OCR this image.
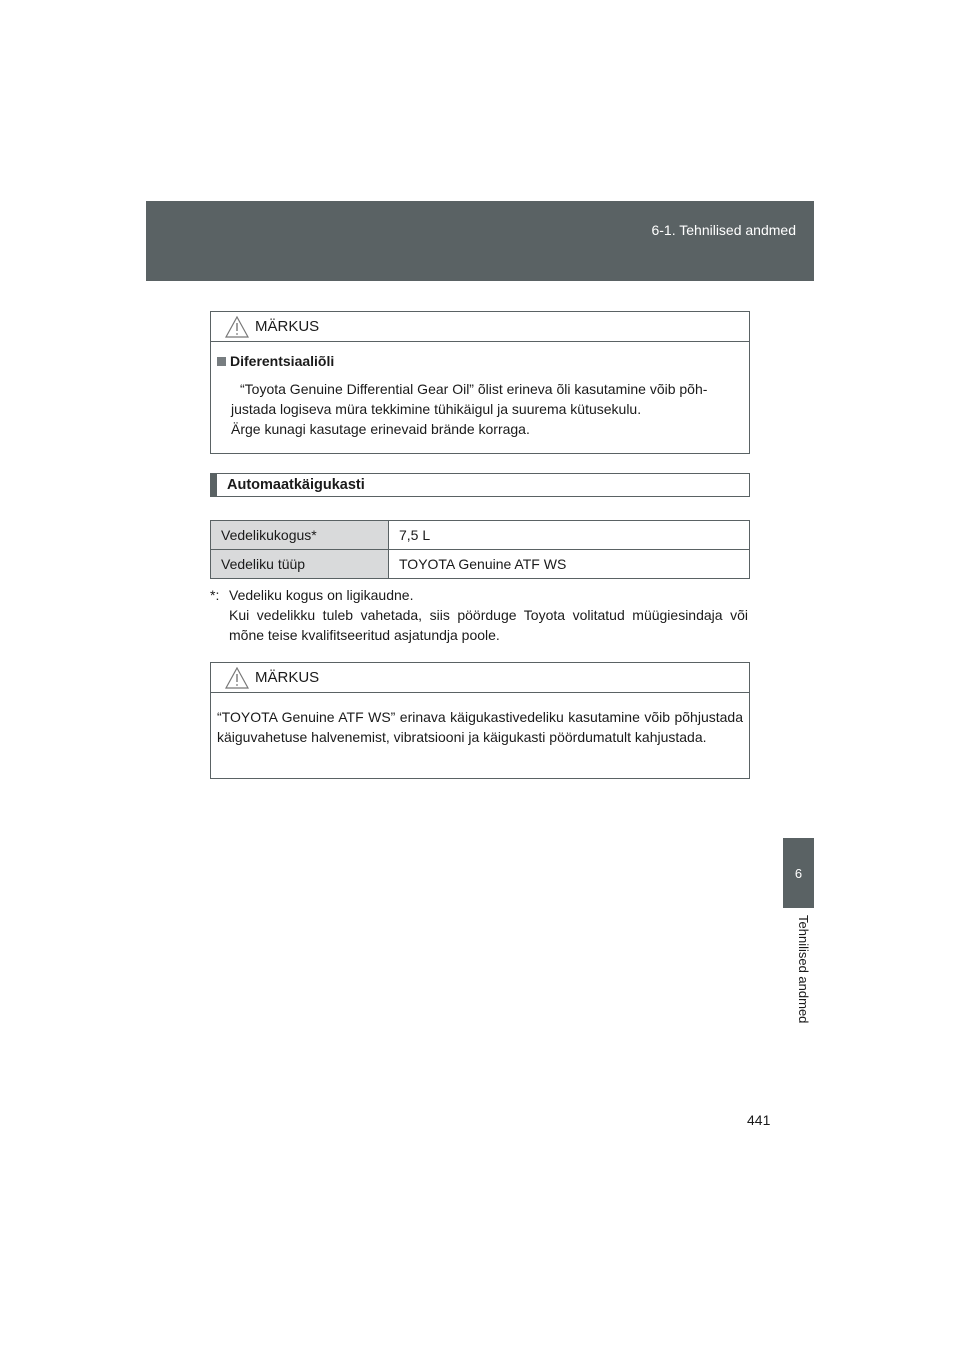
6-1. Tehnilised andmed
6
Tehnilised andmed
MÄRKUS
Diferentsiaaliõli
“Toyota Genuine Differential Gear Oil” õlist erineva õli kasutamine võib põh-
justada logiseva müra tekkimine tühikäigul ja suurema kütusekulu.
Ärge kunagi kasutage erinevaid brände korraga.
Automaatkäigukasti
Vedelikukogus*	7,5 L
Vedeliku tüüp	TOYOTA Genuine ATF WS
*: Vedeliku kogus on ligikaudne.
Kui vedelikku tuleb vahetada, siis pöörduge Toyota volitatud müügiesindaja või mõne teise kvalifitseeritud asjatundja poole.
MÄRKUS
“TOYOTA Genuine ATF WS” erinava käigukastivedeliku kasutamine võib põhjustada käiguvahetuse halvenemist, vibratsiooni ja käigukasti pöördumatult kahjustada.
441
